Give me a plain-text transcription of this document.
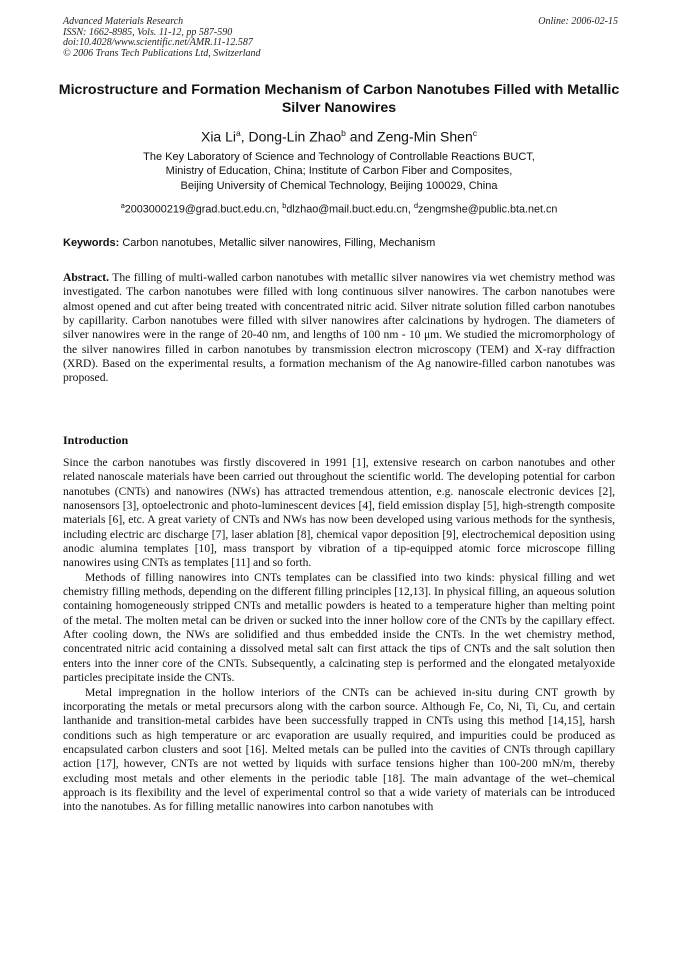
Advanced Materials Research
ISSN: 1662-8985, Vols. 11-12, pp 587-590
doi:10.4028/www.scientific.net/AMR.11-12.587
© 2006 Trans Tech Publications Ltd, Switzerland
Online: 2006-02-15
Microstructure and Formation Mechanism of Carbon Nanotubes Filled with Metallic Silver Nanowires
Xia Li$^a$, Dong-Lin Zhao$^b$ and Zeng-Min Shen$^c$
The Key Laboratory of Science and Technology of Controllable Reactions BUCT,
Ministry of Education, China; Institute of Carbon Fiber and Composites,
Beijing University of Chemical Technology, Beijing 100029, China
$^a$2003000219@grad.buct.edu.cn, $^b$dlzhao@mail.buct.edu.cn, $^d$zengmshe@public.bta.net.cn
Keywords: Carbon nanotubes, Metallic silver nanowires, Filling, Mechanism
Abstract. The filling of multi-walled carbon nanotubes with metallic silver nanowires via wet chemistry method was investigated. The carbon nanotubes were filled with long continuous silver nanowires. The carbon nanotubes were almost opened and cut after being treated with concentrated nitric acid. Silver nitrate solution filled carbon nanotubes by capillarity. Carbon nanotubes were filled with silver nanowires after calcinations by hydrogen. The diameters of silver nanowires were in the range of 20-40 nm, and lengths of 100 nm - 10 μm. We studied the micromorphology of the silver nanowires filled in carbon nanotubes by transmission electron microscopy (TEM) and X-ray diffraction (XRD). Based on the experimental results, a formation mechanism of the Ag nanowire-filled carbon nanotubes was proposed.
Introduction

Since the carbon nanotubes was firstly discovered in 1991 [1], extensive research on carbon nanotubes and other related nanoscale materials have been carried out throughout the scientific world. The developing potential for carbon nanotubes (CNTs) and nanowires (NWs) has attracted tremendous attention, e.g. nanoscale electronic devices [2], nanosensors [3], optoelectronic and photo-luminescent devices [4], field emission display [5], high-strength composite materials [6], etc. A great variety of CNTs and NWs has now been developed using various methods for the synthesis, including electric arc discharge [7], laser ablation [8], chemical vapor deposition [9], electrochemical deposition using anodic alumina templates [10], mass transport by vibration of a tip-equipped atomic force microscope filling nanowires using CNTs as templates [11] and so forth.

Methods of filling nanowires into CNTs templates can be classified into two kinds: physical filling and wet chemistry filling methods, depending on the different filling principles [12,13]. In physical filling, an aqueous solution containing homogeneously stripped CNTs and metallic powders is heated to a temperature higher than melting point of the metal. The molten metal can be driven or sucked into the inner hollow core of the CNTs by the capillary effect. After cooling down, the NWs are solidified and thus embedded inside the CNTs. In the wet chemistry method, concentrated nitric acid containing a dissolved metal salt can first attack the tips of CNTs and the salt solution then enters into the inner core of the CNTs. Subsequently, a calcinating step is performed and the elongated metalyoxide particles precipitate inside the CNTs.

Metal impregnation in the hollow interiors of the CNTs can be achieved in-situ during CNT growth by incorporating the metals or metal precursors along with the carbon source. Although Fe, Co, Ni, Ti, Cu, and certain lanthanide and transition-metal carbides have been successfully trapped in CNTs using this method [14,15], harsh conditions such as high temperature or arc evaporation are usually required, and impurities could be produced as encapsulated carbon clusters and soot [16]. Melted metals can be pulled into the cavities of CNTs through capillary action [17], however, CNTs are not wetted by liquids with surface tensions higher than 100-200 mN/m, thereby excluding most metals and other elements in the periodic table [18]. The main advantage of the wet–chemical approach is its flexibility and the level of experimental control so that a wide variety of materials can be introduced into the nanotubes. As for filling metallic nanowires into carbon nanotubes with
